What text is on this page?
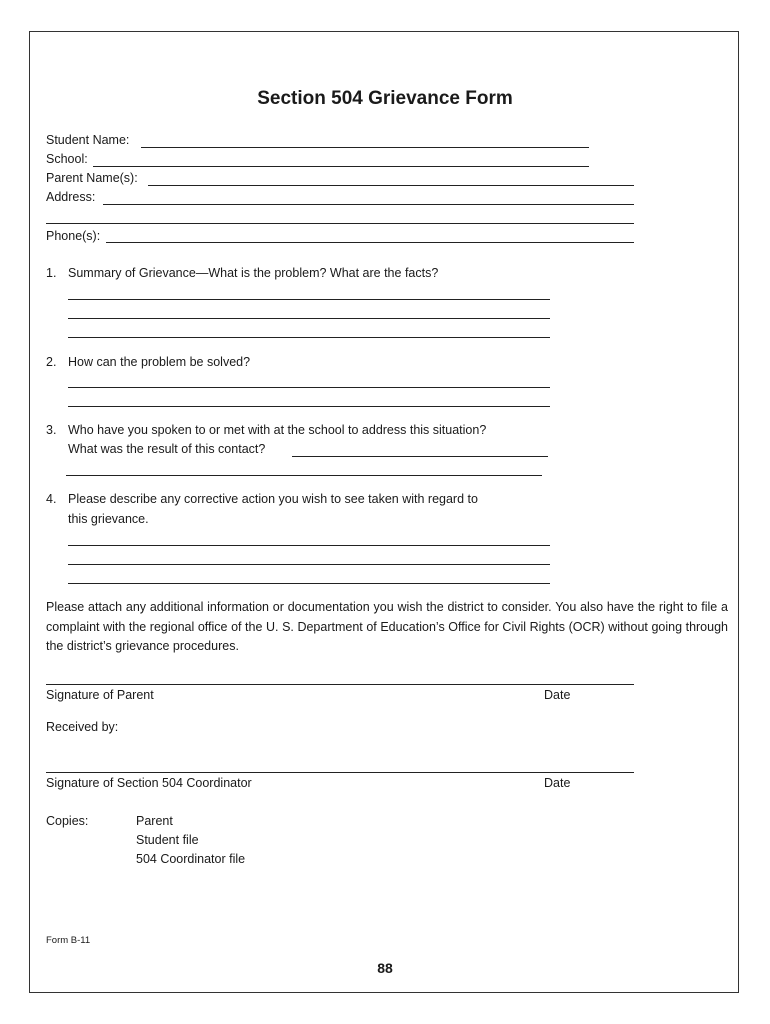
Section 504 Grievance Form
Student Name:
School:
Parent Name(s):
Address:
Phone(s):
1. Summary of Grievance—What is the problem? What are the facts?
2. How can the problem be solved?
3. Who have you spoken to or met with at the school to address this situation?
What was the result of this contact?
4. Please describe any corrective action you wish to see taken with regard to
this grievance.
Please attach any additional information or documentation you wish the district to consider. You also have the right to file a complaint with the regional office of the U. S. Department of Education’s Office for Civil Rights (OCR) without going through the district’s grievance procedures.
Signature of Parent	Date
Received by:
Signature of Section 504 Coordinator	Date
Copies:	Parent
Student file
504 Coordinator file
Form B-11
88
